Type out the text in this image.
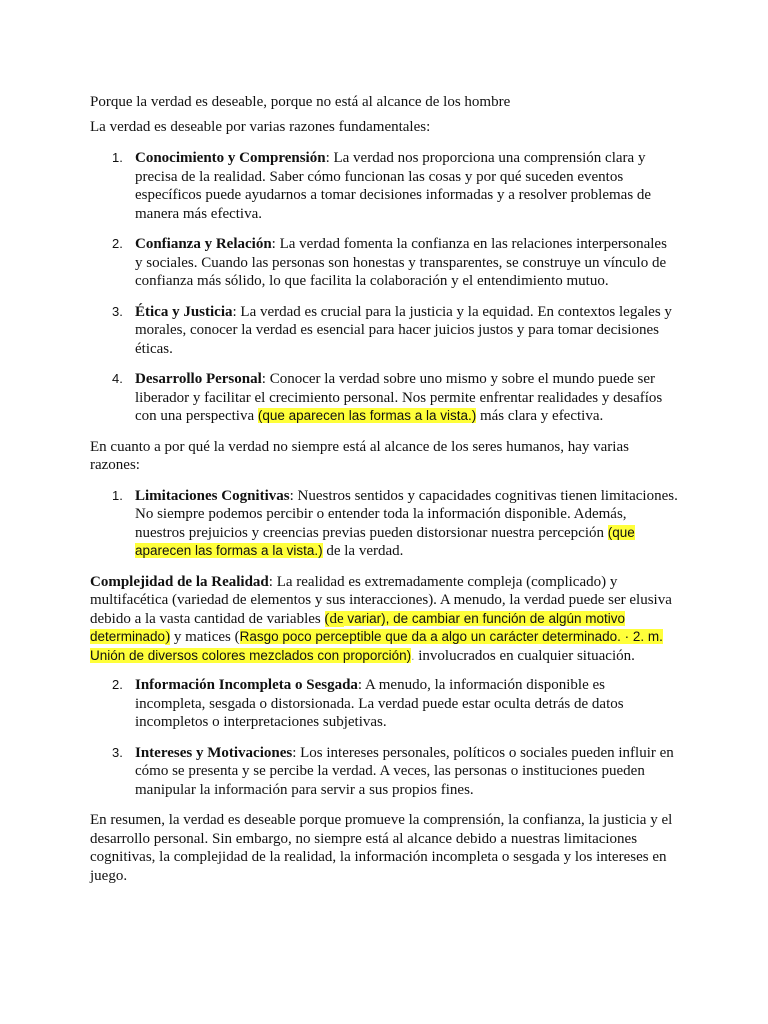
Porque la verdad es deseable, porque no está al alcance de los hombre

La verdad es deseable por varias razones fundamentales:

1. Conocimiento y Comprensión: La verdad nos proporciona una comprensión clara y precisa de la realidad. Saber cómo funcionan las cosas y por qué suceden eventos específicos puede ayudarnos a tomar decisiones informadas y a resolver problemas de manera más efectiva.
2. Confianza y Relación: La verdad fomenta la confianza en las relaciones interpersonales y sociales. Cuando las personas son honestas y transparentes, se construye un vínculo de confianza más sólido, lo que facilita la colaboración y el entendimiento mutuo.
3. Ética y Justicia: La verdad es crucial para la justicia y la equidad. En contextos legales y morales, conocer la verdad es esencial para hacer juicios justos y para tomar decisiones éticas.
4. Desarrollo Personal: Conocer la verdad sobre uno mismo y sobre el mundo puede ser liberador y facilitar el crecimiento personal. Nos permite enfrentar realidades y desafíos con una perspectiva (que aparecen las formas a la vista.) más clara y efectiva.

En cuanto a por qué la verdad no siempre está al alcance de los seres humanos, hay varias razones:

1. Limitaciones Cognitivas: Nuestros sentidos y capacidades cognitivas tienen limitaciones. No siempre podemos percibir o entender toda la información disponible. Además, nuestros prejuicios y creencias previas pueden distorsionar nuestra percepción (que aparecen las formas a la vista.) de la verdad.

Complejidad de la Realidad: La realidad es extremadamente compleja (complicado) y multifacética (variedad de elementos y sus interacciones). A menudo, la verdad puede ser elusiva debido a la vasta cantidad de variables (de variar), de cambiar en función de algún motivo determinado) y matices (Rasgo poco perceptible que da a algo un carácter determinado. · 2. m. Unión de diversos colores mezclados con proporción). involucrados en cualquier situación.

2. Información Incompleta o Sesgada: A menudo, la información disponible es incompleta, sesgada o distorsionada. La verdad puede estar oculta detrás de datos incompletos o interpretaciones subjetivas.
3. Intereses y Motivaciones: Los intereses personales, políticos o sociales pueden influir en cómo se presenta y se percibe la verdad. A veces, las personas o instituciones pueden manipular la información para servir a sus propios fines.

En resumen, la verdad es deseable porque promueve la comprensión, la confianza, la justicia y el desarrollo personal. Sin embargo, no siempre está al alcance debido a nuestras limitaciones cognitivas, la complejidad de la realidad, la información incompleta o sesgada y los intereses en juego.
